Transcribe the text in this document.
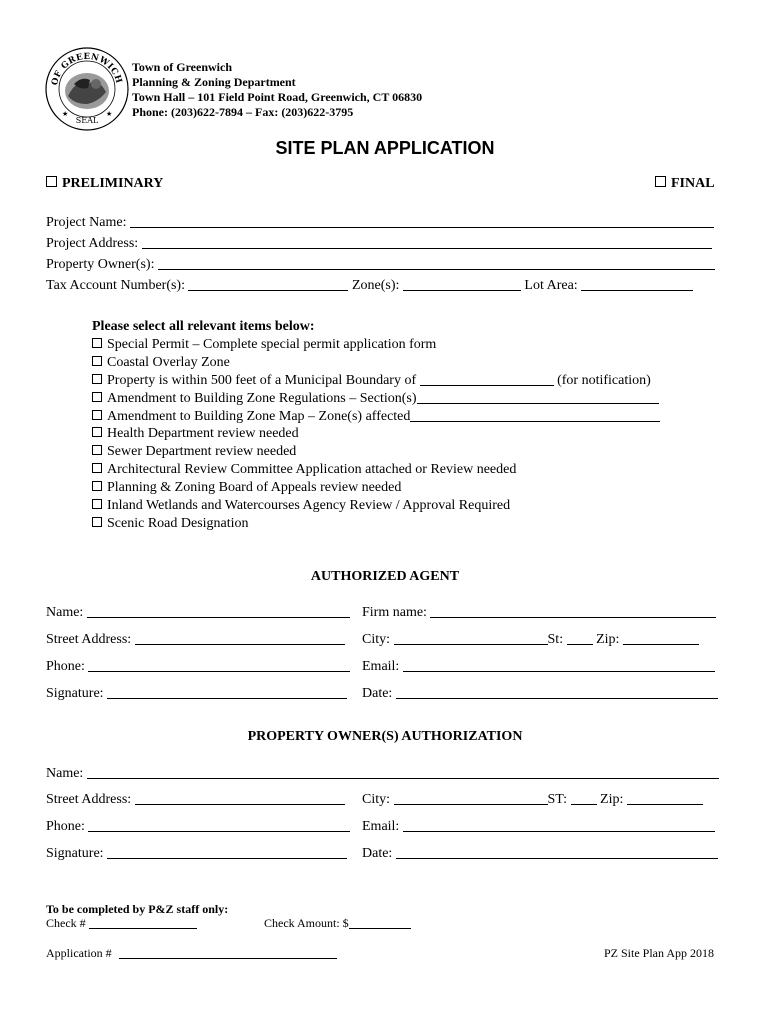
OF GREENWICH
SEAL
★	★
Town of Greenwich
Planning & Zoning Department
Town Hall – 101 Field Point Road, Greenwich, CT 06830
Phone: (203)622-7894 – Fax: (203)622-3795
SITE PLAN APPLICATION
PRELIMINARY	FINAL
Project Name:
Project Address:
Property Owner(s):
Tax Account Number(s):	Zone(s):	Lot Area:
Please select all relevant items below:
Special Permit – Complete special permit application form
Coastal Overlay Zone
Property is within 500 feet of a Municipal Boundary of	(for notification)
Amendment to Building Zone Regulations – Section(s)
Amendment to Building Zone Map – Zone(s) affected
Health Department review needed
Sewer Department review needed
Architectural Review Committee Application attached or Review needed
Planning & Zoning Board of Appeals review needed
Inland Wetlands and Watercourses Agency Review / Approval Required
Scenic Road Designation
AUTHORIZED AGENT
Name:	Firm name:
Street Address:	City:	St: Zip:
Phone:	Email:
Signature:	Date:
PROPERTY OWNER(S) AUTHORIZATION
Name:
Street Address:	City:	ST: Zip:
Phone:	Email:
Signature:	Date:
To be completed by P&Z staff only:
Check #	Check Amount: $
Application #	PZ Site Plan App 2018
